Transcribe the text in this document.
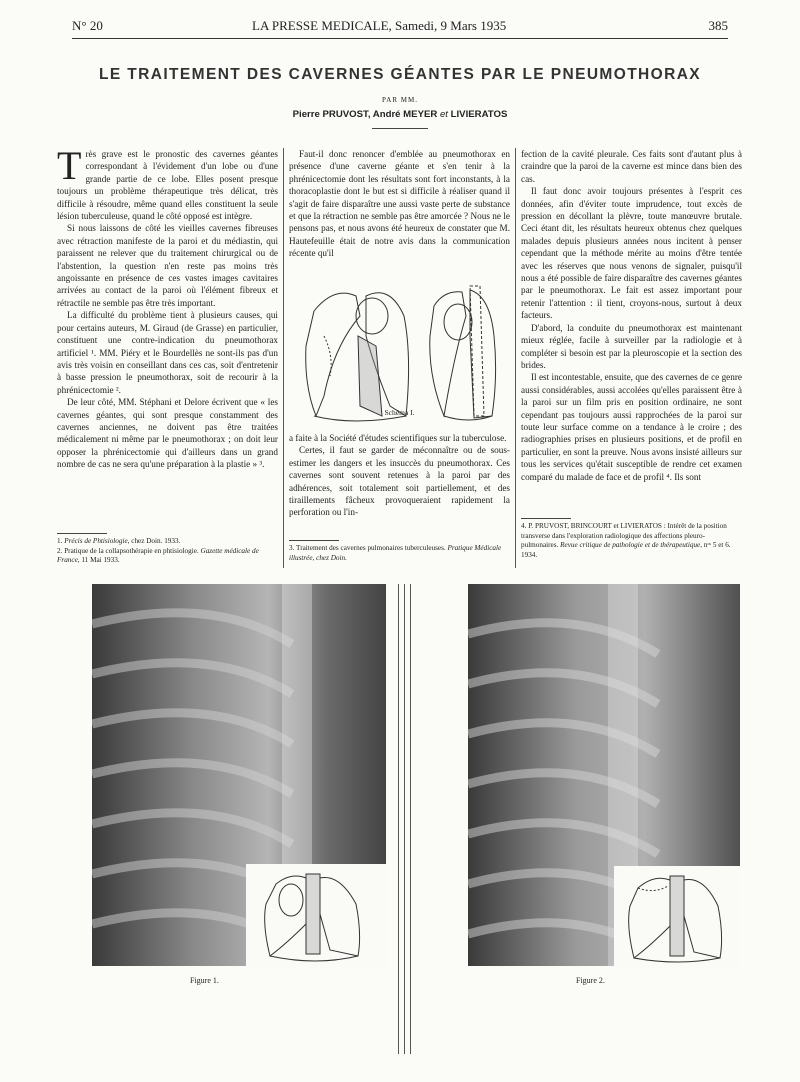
N° 20	LA PRESSE MEDICALE, Samedi, 9 Mars 1935	385
LE TRAITEMENT DES CAVERNES GÉANTES PAR LE PNEUMOTHORAX
PAR MM.
Pierre PRUVOST, André MEYER et LIVIERATOS

Très grave est le pronostic des cavernes géantes correspondant à l'évidement d'un lobe ou d'une grande partie de ce lobe. Elles posent presque toujours un problème thérapeutique très délicat, très difficile à résoudre, même quand elles constituent la seule lésion tuberculeuse, quand le côté opposé est intègre.

Si nous laissons de côté les vieilles cavernes fibreuses avec rétraction manifeste de la paroi et du médiastin, qui paraissent ne relever que du traitement chirurgical ou de l'abstention, la question n'en reste pas moins très angoissante en présence de ces vastes images cavitaires arrivées au contact de la paroi où l'élément fibreux et rétractile ne semble pas être très important.

La difficulté du problème tient à plusieurs causes, qui pour certains auteurs, M. Giraud (de Grasse) en particulier, constituent une contre-indication du pneumothorax artificiel ¹. MM. Piéry et le Bourdellès ne sont-ils pas d'un avis très voisin en conseillant dans ces cas, soit d'entretenir à basse pression le pneumothorax, soit de recourir à la phrénicectomie ².

De leur côté, MM. Stéphani et Delore écrivent que « les cavernes géantes, qui sont presque constamment des cavernes anciennes, ne doivent pas être traitées médicalement ni même par le pneumothorax ; on doit leur opposer la phrénicectomie qui d'ailleurs dans un grand nombre de cas ne sera qu'une préparation à la plastie » ³.

Faut-il donc renoncer d'emblée au pneumothorax en présence d'une caverne géante et s'en tenir à la phrénicectomie dont les résultats sont fort inconstants, à la thoracoplastie dont le but est si difficile à réaliser quand il s'agit de faire disparaître une aussi vaste perte de substance et que la rétraction ne semble pas être amorcée ? Nous ne le pensons pas, et nous avons été heureux de constater que M. Hautefeuille était de notre avis dans la communication récente qu'il

Schéma I.

a faite à la Société d'études scientifiques sur la tuberculose.

Certes, il faut se garder de méconnaître ou de sous-estimer les dangers et les insuccès du pneumothorax. Ces cavernes sont souvent retenues à la paroi par des adhérences, soit totalement soit partiellement, et des tiraillements fâcheux provoqueraient rapidement la perforation ou l'in-

fection de la cavité pleurale. Ces faits sont d'autant plus à craindre que la paroi de la caverne est mince dans bien des cas.

Il faut donc avoir toujours présentes à l'esprit ces données, afin d'éviter toute imprudence, tout excès de pression en décollant la plèvre, toute manœuvre brutale. Ceci étant dit, les résultats heureux obtenus chez quelques malades depuis plusieurs années nous incitent à penser cependant que la méthode mérite au moins d'être tentée avec les réserves que nous venons de signaler, puisqu'il nous a été possible de faire disparaître des cavernes géantes par le pneumothorax. Le fait est assez important pour retenir l'attention : il tient, croyons-nous, surtout à deux facteurs.

D'abord, la conduite du pneumothorax est maintenant mieux réglée, facile à surveiller par la radiologie et à compléter si besoin est par la pleuroscopie et la section des brides.

Il est incontestable, ensuite, que des cavernes de ce genre aussi considérables, aussi accolées qu'elles paraissent être à la paroi sur un film pris en position ordinaire, ne sont cependant pas toujours aussi rapprochées de la paroi sur toute leur surface comme on a tendance à le croire ; des radiographies prises en plusieurs positions, et de profil en particulier, en sont la preuve. Nous avons insisté ailleurs sur tous les services qu'était susceptible de rendre cet examen comparé du malade de face et de profil ⁴. Ils sont

1. Précis de Phtisiologie, chez Doin. 1933.
2. Pratique de la collapsothérapie en phtisiologie. Gazette médicale de France, 11 Mai 1933.
3. Traitement des cavernes pulmonaires tuberculeuses. Pratique Médicale illustrée, chez Doin.
4. P. PRUVOST, BRINCOURT et LIVIERATOS : Intérêt de la position transverse dans l'exploration radiologique des affections pleuro-pulmonaires. Revue critique de pathologie et de thérapeutique, nᵒˢ 5 et 6. 1934.
Figure 1.	Figure 2.
